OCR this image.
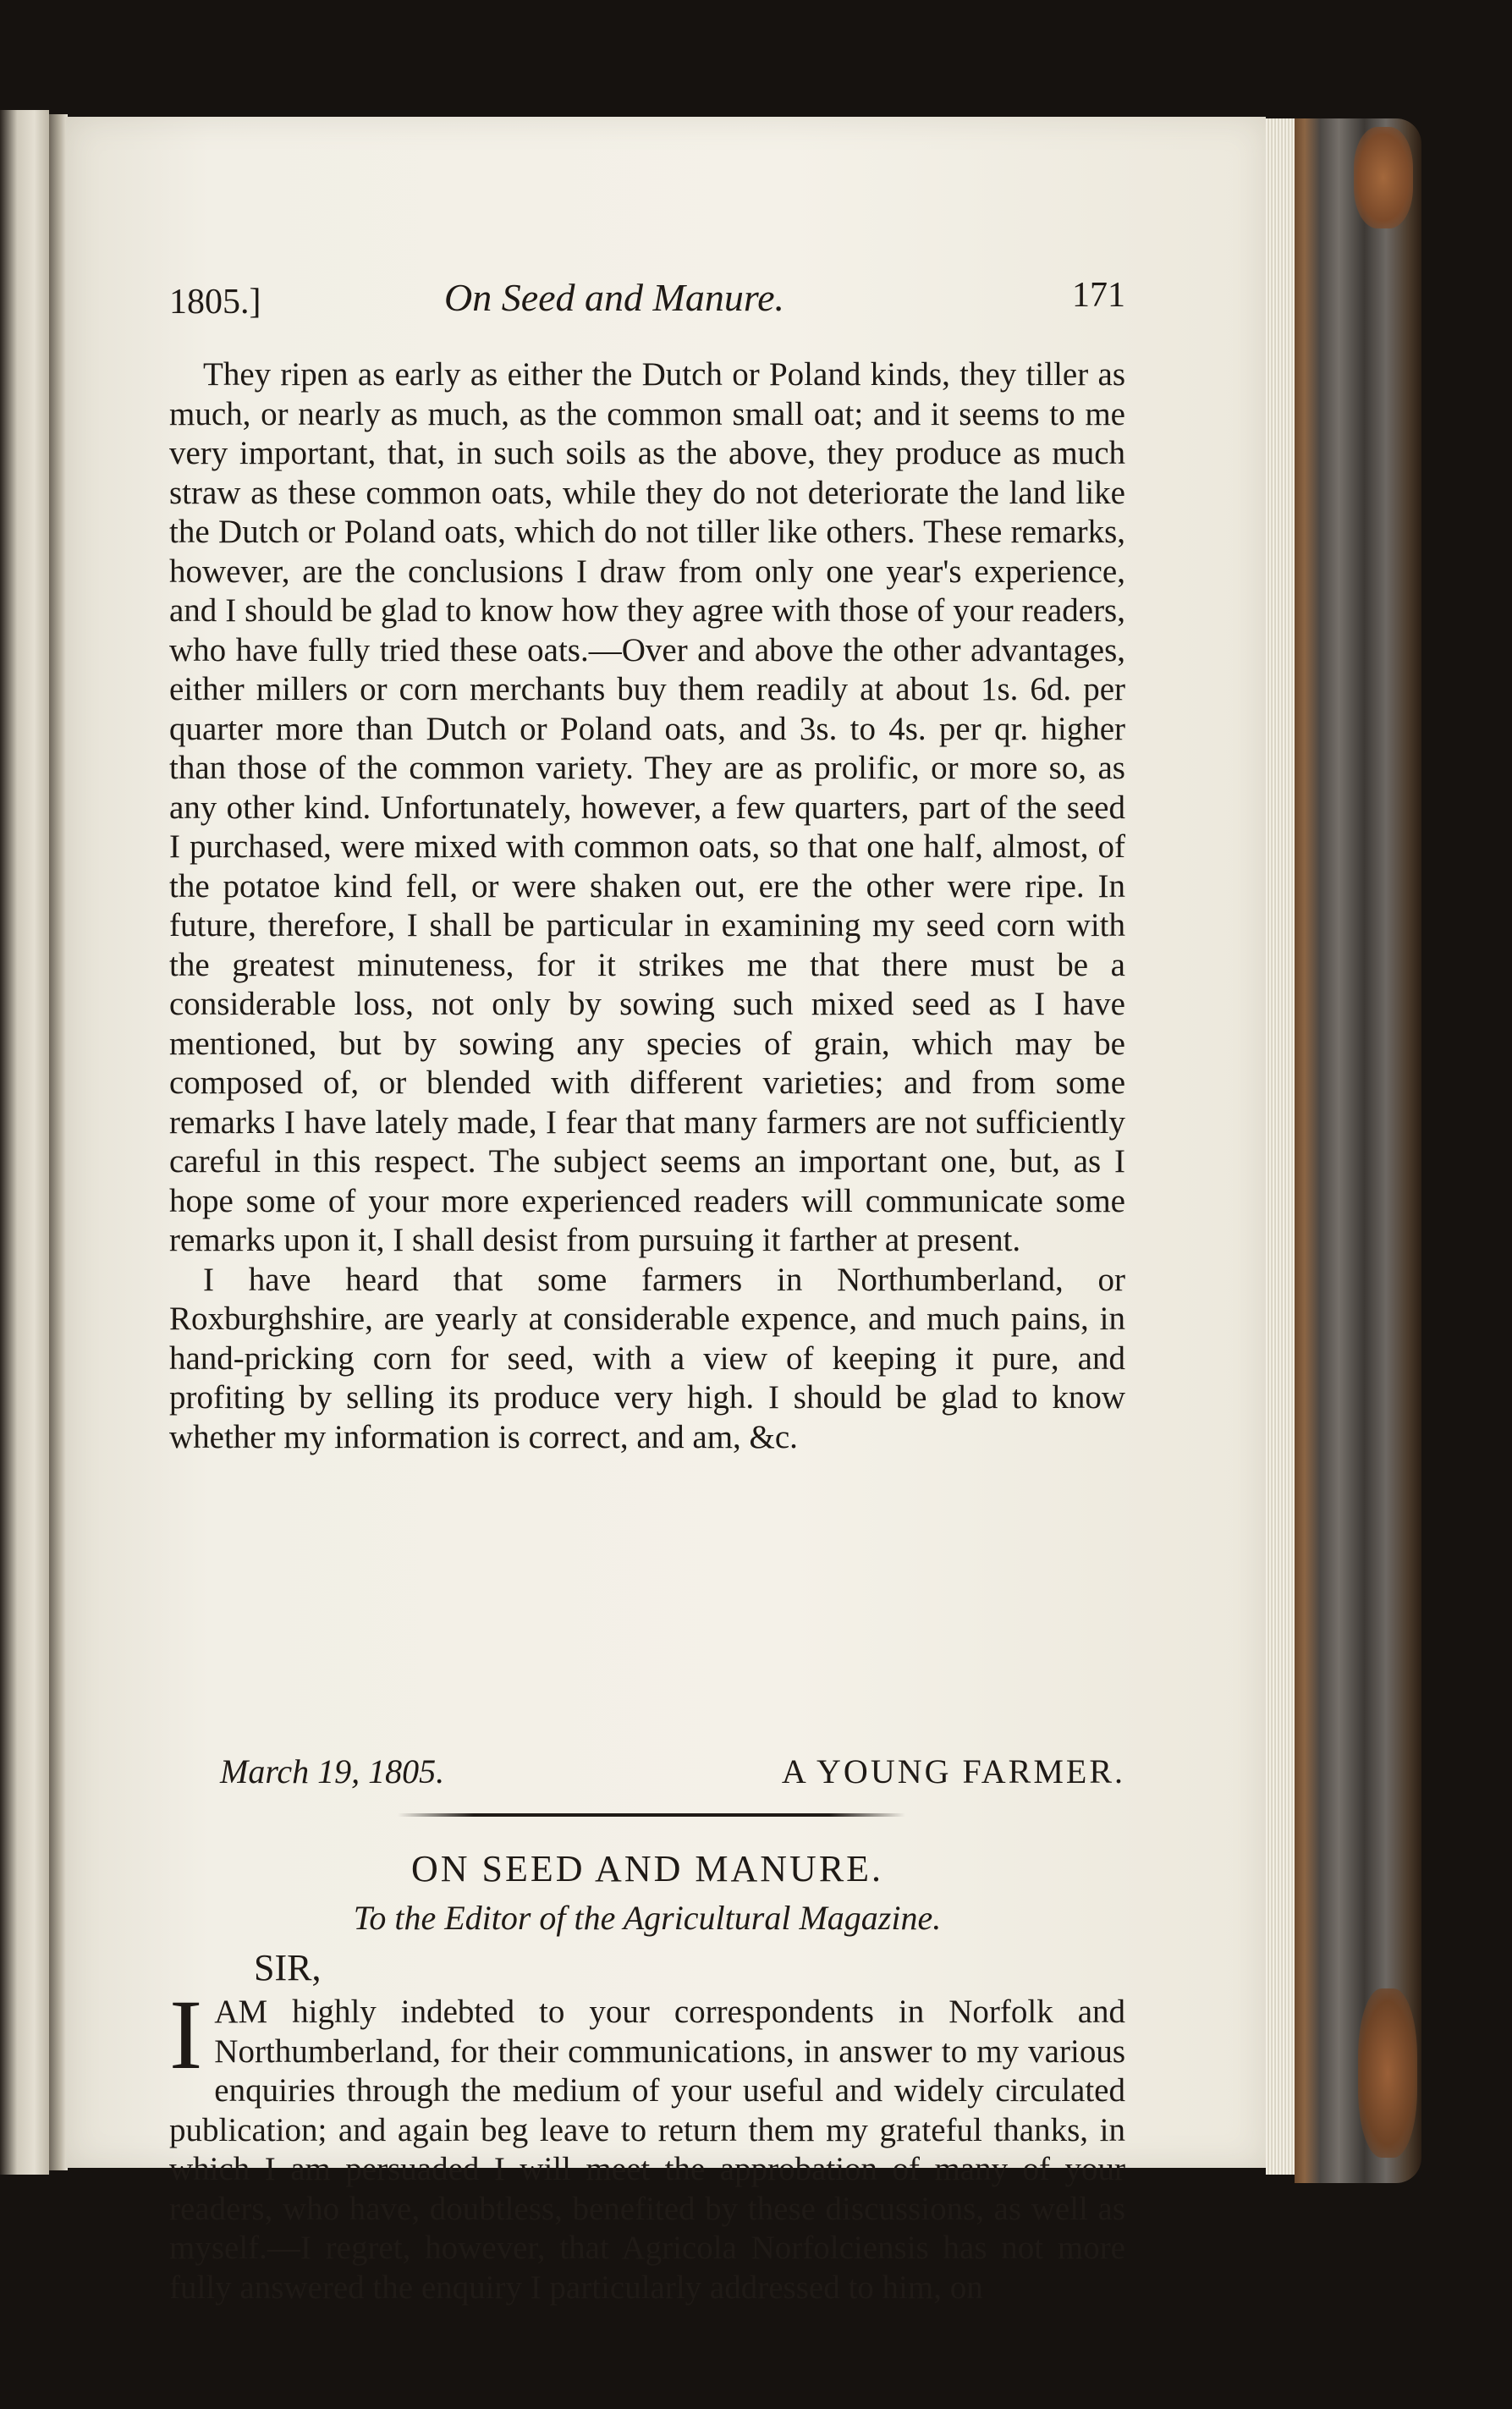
1805.]	On Seed and Manure.	171

They ripen as early as either the Dutch or Poland kinds, they tiller as much, or nearly as much, as the common small oat; and it seems to me very important, that, in such soils as the above, they produce as much straw as these common oats, while they do not deteriorate the land like the Dutch or Poland oats, which do not tiller like others. These remarks, however, are the conclusions I draw from only one year's experience, and I should be glad to know how they agree with those of your readers, who have fully tried these oats.—Over and above the other advantages, either millers or corn merchants buy them readily at about 1s. 6d. per quarter more than Dutch or Poland oats, and 3s. to 4s. per qr. higher than those of the common variety. They are as prolific, or more so, as any other kind. Unfortunately, however, a few quarters, part of the seed I purchased, were mixed with common oats, so that one half, almost, of the potatoe kind fell, or were shaken out, ere the other were ripe. In future, therefore, I shall be particular in examining my seed corn with the greatest minuteness, for it strikes me that there must be a considerable loss, not only by sowing such mixed seed as I have mentioned, but by sowing any species of grain, which may be composed of, or blended with different varieties; and from some remarks I have lately made, I fear that many farmers are not sufficiently careful in this respect. The subject seems an important one, but, as I hope some of your more experienced readers will communicate some remarks upon it, I shall desist from pursuing it farther at present.

I have heard that some farmers in Northumberland, or Roxburghshire, are yearly at considerable expence, and much pains, in hand-pricking corn for seed, with a view of keeping it pure, and profiting by selling its produce very high. I should be glad to know whether my information is correct, and am, &c.

March 19, 1805.	A YOUNG FARMER.
ON SEED AND MANURE.
To the Editor of the Agricultural Magazine.
SIR,
IAM highly indebted to your correspondents in Norfolk and Northumberland, for their communications, in answer to my various enquiries through the medium of your useful and widely circulated publication; and again beg leave to return them my grateful thanks, in which I am persuaded I will meet the approbation of many of your readers, who have, doubtless, benefited by these discussions, as well as myself.—I regret, however, that Agricola Norfolciensis has not more fully answered the enquiry I particularly addressed to him, on
